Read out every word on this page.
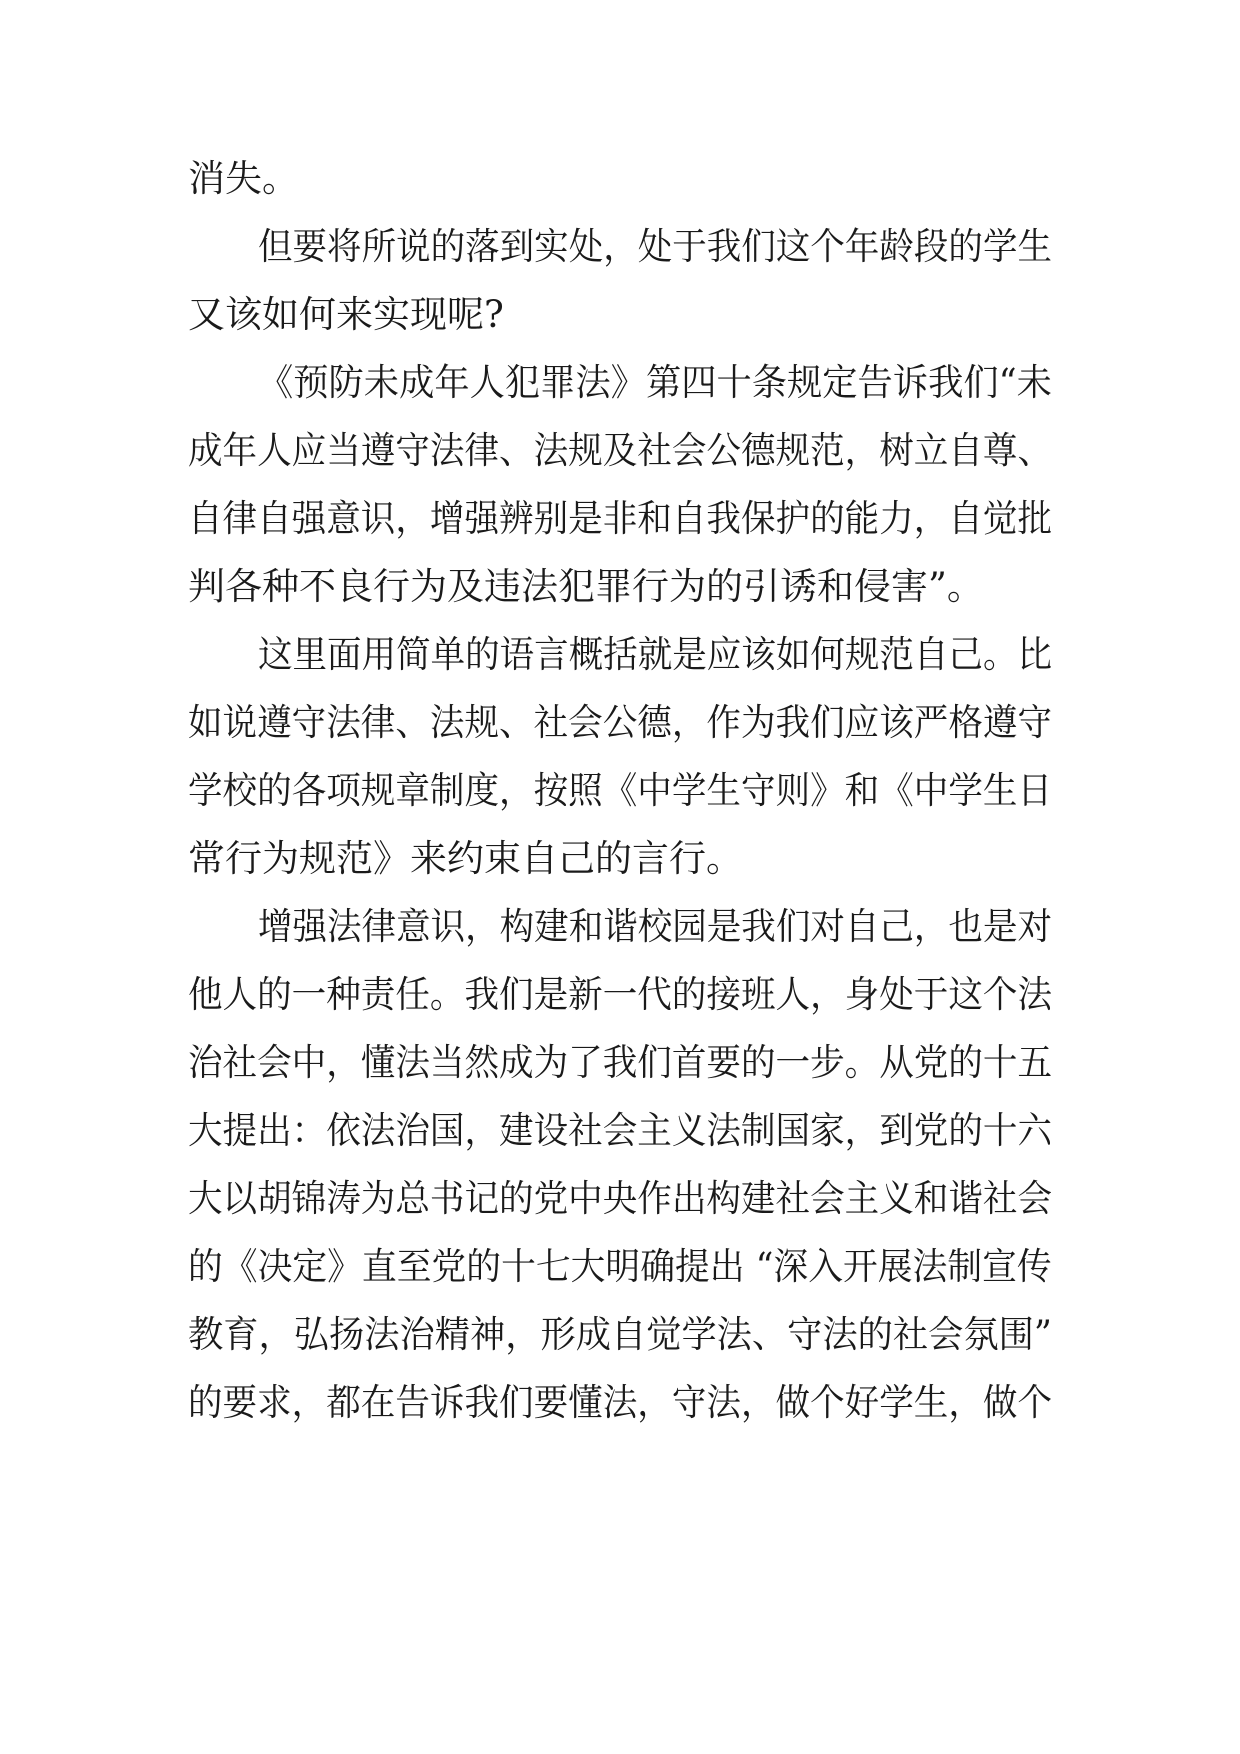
消失。

但要将所说的落到实处，处于我们这个年龄段的学生

又该如何来实现呢?

《预防未成年人犯罪法》第四十条规定告诉我们“未

成年人应当遵守法律、法规及社会公德规范，树立自尊、

自律自强意识，增强辨别是非和自我保护的能力，自觉批

判各种不良行为及违法犯罪行为的引诱和侵害”。

这里面用简单的语言概括就是应该如何规范自己。比

如说遵守法律、法规、社会公德，作为我们应该严格遵守

学校的各项规章制度，按照《中学生守则》和《中学生日

常行为规范》来约束自己的言行。

增强法律意识，构建和谐校园是我们对自己，也是对

他人的一种责任。我们是新一代的接班人，身处于这个法

治社会中，懂法当然成为了我们首要的一步。从党的十五

大提出：依法治国，建设社会主义法制国家，到党的十六

大以胡锦涛为总书记的党中央作出构建社会主义和谐社会

的《决定》直至党的十七大明确提出 “深入开展法制宣传

教育，弘扬法治精神，形成自觉学法、守法的社会氛围”

的要求，都在告诉我们要懂法，守法，做个好学生，做个
